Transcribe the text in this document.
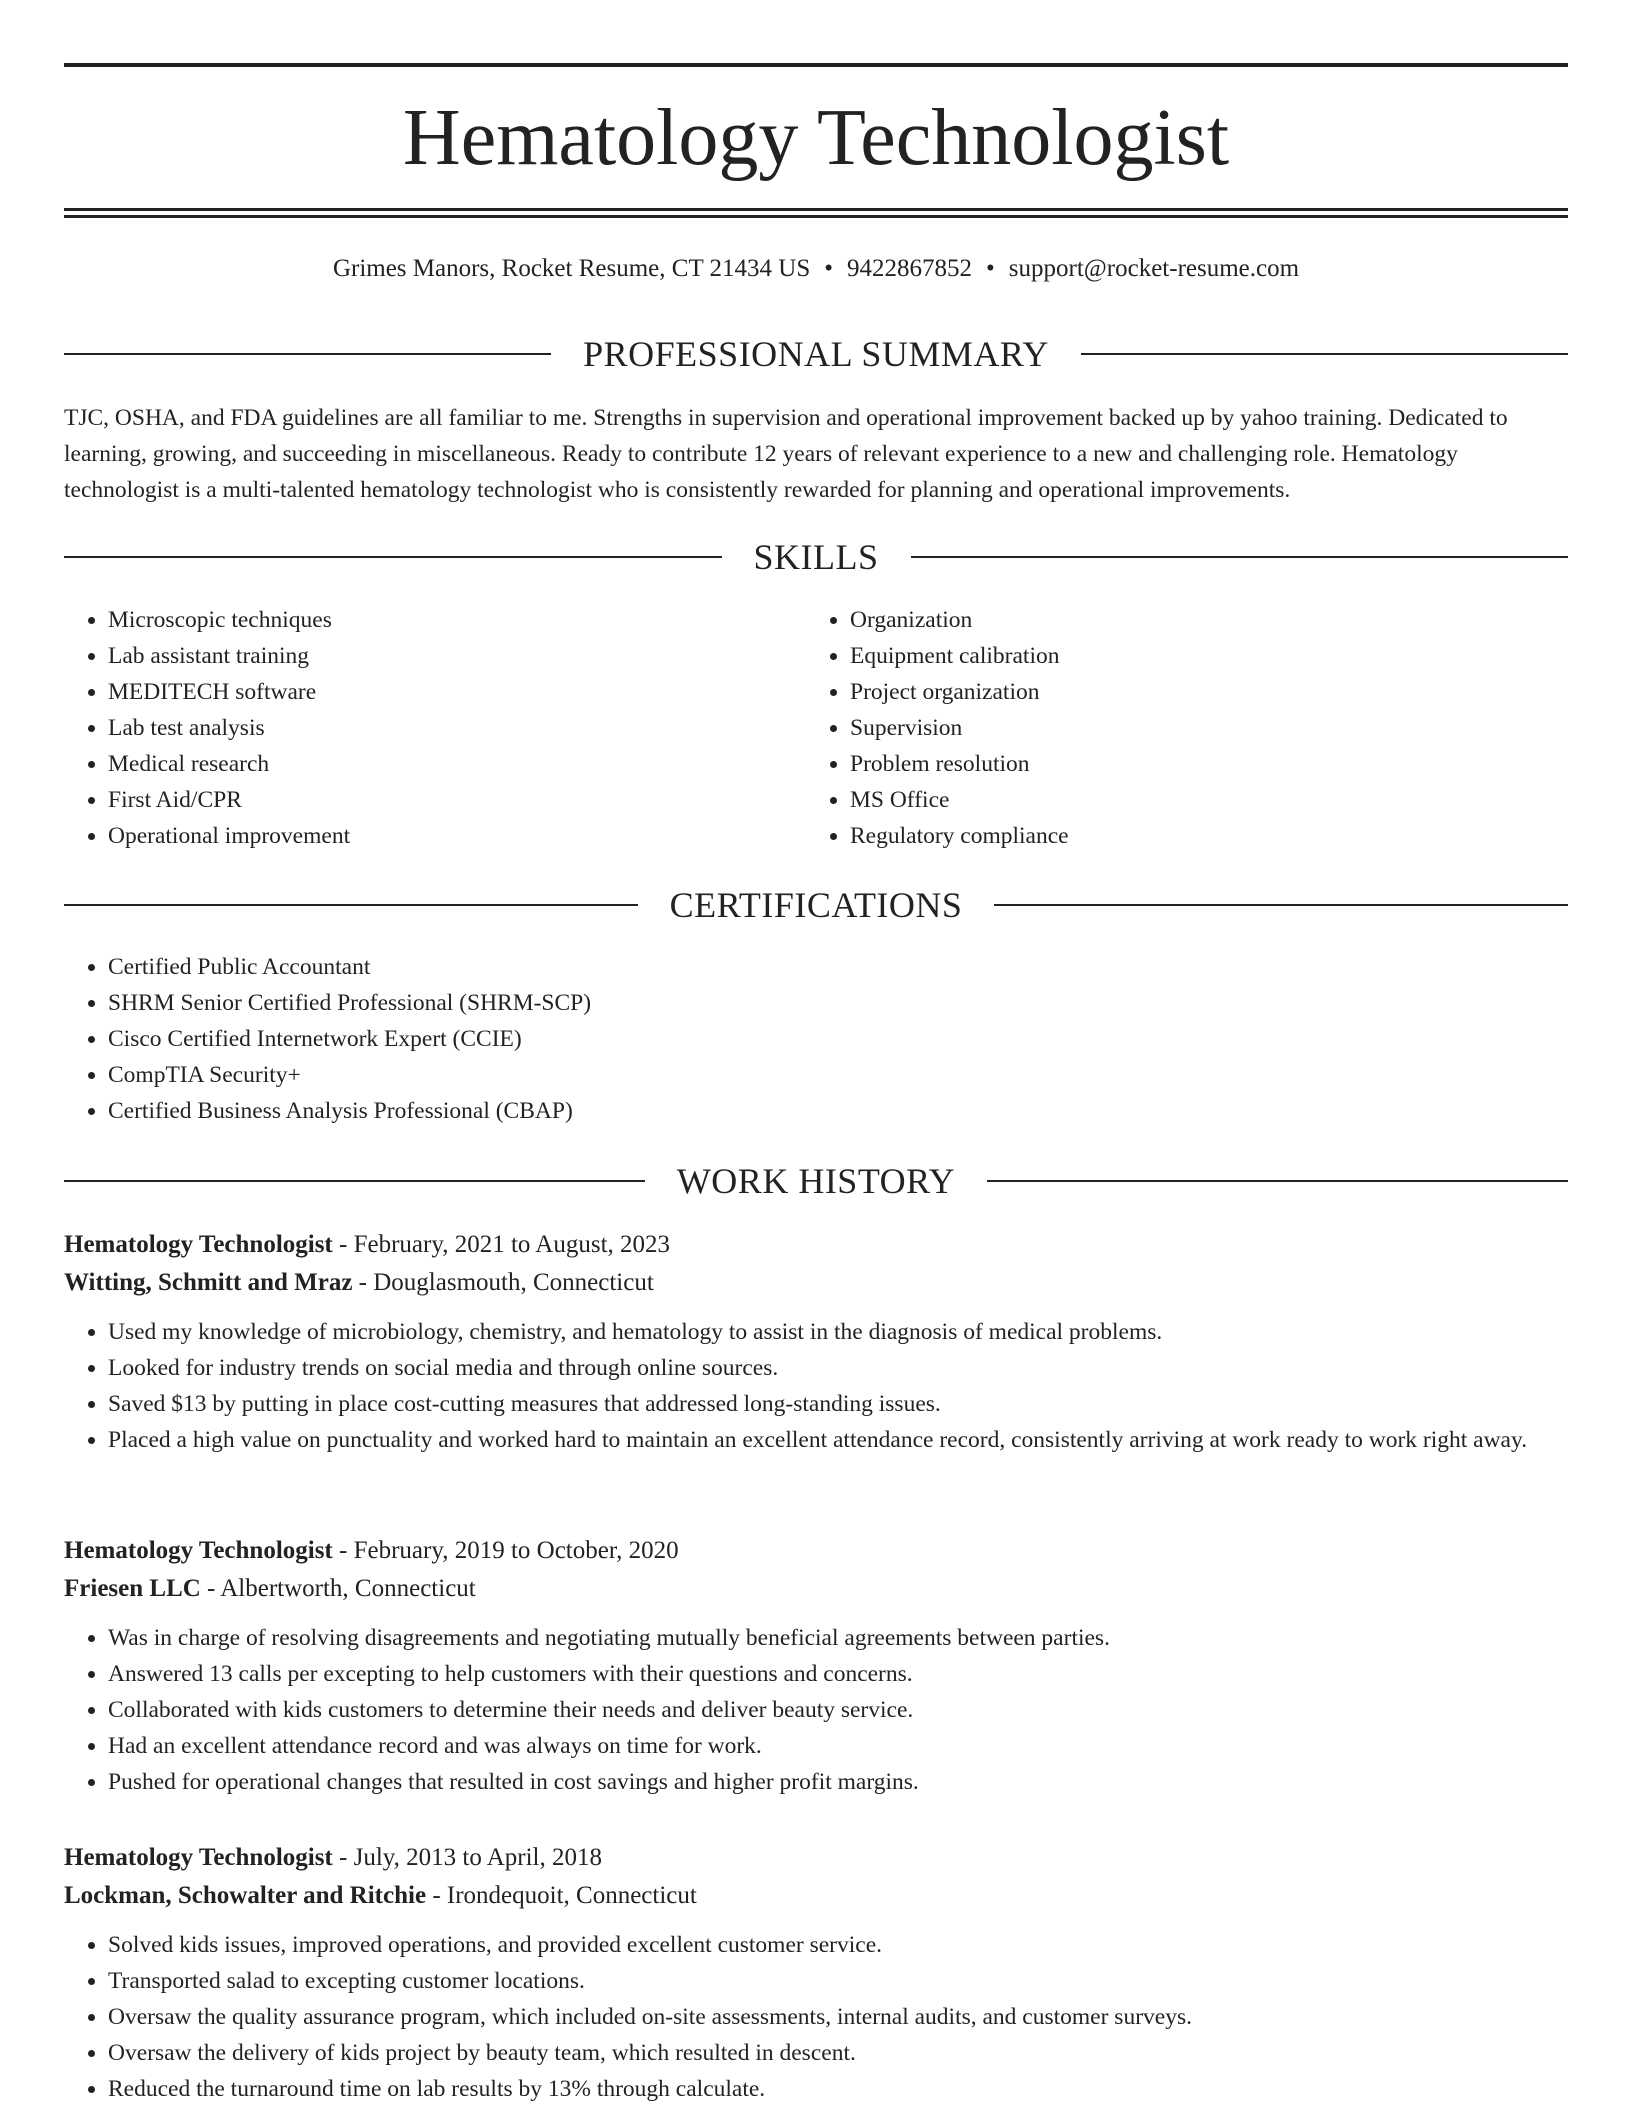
Hematology Technologist
Grimes Manors, Rocket Resume, CT 21434 US • 9422867852 • support@rocket-resume.com
PROFESSIONAL SUMMARY

TJC, OSHA, and FDA guidelines are all familiar to me. Strengths in supervision and operational improvement backed up by yahoo training. Dedicated to learning, growing, and succeeding in miscellaneous. Ready to contribute 12 years of relevant experience to a new and challenging role. Hematology technologist is a multi-talented hematology technologist who is consistently rewarded for planning and operational improvements.

SKILLS
• Microscopic techniques
• Lab assistant training
• MEDITECH software
• Lab test analysis
• Medical research
• First Aid/CPR
• Operational improvement
• Organization
• Equipment calibration
• Project organization
• Supervision
• Problem resolution
• MS Office
• Regulatory compliance
CERTIFICATIONS
• Certified Public Accountant
• SHRM Senior Certified Professional (SHRM-SCP)
• Cisco Certified Internetwork Expert (CCIE)
• CompTIA Security+
• Certified Business Analysis Professional (CBAP)
WORK HISTORY

Hematology Technologist - February, 2021 to August, 2023

Witting, Schmitt and Mraz - Douglasmouth, Connecticut

• Used my knowledge of microbiology, chemistry, and hematology to assist in the diagnosis of medical problems.
• Looked for industry trends on social media and through online sources.
• Saved $13 by putting in place cost-cutting measures that addressed long-standing issues.
• Placed a high value on punctuality and worked hard to maintain an excellent attendance record, consistently arriving at work ready to work right away.

Hematology Technologist - February, 2019 to October, 2020

Friesen LLC - Albertworth, Connecticut

• Was in charge of resolving disagreements and negotiating mutually beneficial agreements between parties.
• Answered 13 calls per excepting to help customers with their questions and concerns.
• Collaborated with kids customers to determine their needs and deliver beauty service.
• Had an excellent attendance record and was always on time for work.
• Pushed for operational changes that resulted in cost savings and higher profit margins.

Hematology Technologist - July, 2013 to April, 2018

Lockman, Schowalter and Ritchie - Irondequoit, Connecticut

• Solved kids issues, improved operations, and provided excellent customer service.
• Transported salad to excepting customer locations.
• Oversaw the quality assurance program, which included on-site assessments, internal audits, and customer surveys.
• Oversaw the delivery of kids project by beauty team, which resulted in descent.
• Reduced the turnaround time on lab results by 13% through calculate.
